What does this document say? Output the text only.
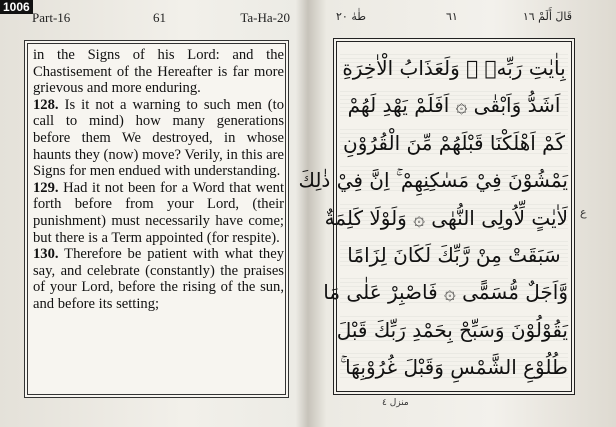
1006
Part-16	61	Ta-Ha-20

in the Signs of his Lord: and the Chastisement of the Hereafter is far more grievous and more enduring.

128. Is it not a warning to such men (to call to mind) how many generations before them We destroyed, in whose haunts they (now) move? Verily, in this are Signs for men endued with understanding.

129. Had it not been for a Word that went forth before from your Lord, (their punishment) must necessarily have come; but there is a Term appointed (for respite).

130. Therefore be patient with what they say, and celebrate (constantly) the praises of your Lord, before the rising of the sun, and before its setting;

طٰهٰ ٢٠	٦١	قَالَ أَلَمْ ١٦
بِاٰيٰتِ رَبِّهٖ ۚ وَلَعَذَابُ الْاٰخِرَةِ
اَشَدُّ وَاَبْقٰى ۞ اَفَلَمْ يَهْدِ لَهُمْ
كَمْ اَهْلَكْنَا قَبْلَهُمْ مِّنَ الْقُرُوْنِ
يَمْشُوْنَ فِيْ مَسٰكِنِهِمْ ۚ اِنَّ فِيْ ذٰلِكَ
لَاٰيٰتٍ لِّاُولِى النُّهٰى ۞ وَلَوْلَا كَلِمَةٌ
سَبَقَتْ مِنْ رَّبِّكَ لَكَانَ لِزَامًا
وَّاَجَلٌ مُّسَمًّى ۞ فَاصْبِرْ عَلٰى مَا
يَقُوْلُوْنَ وَسَبِّحْ بِحَمْدِ رَبِّكَ قَبْلَ
طُلُوْعِ الشَّمْسِ وَقَبْلَ غُرُوْبِهَا ۚ
ع
منزل ٤
